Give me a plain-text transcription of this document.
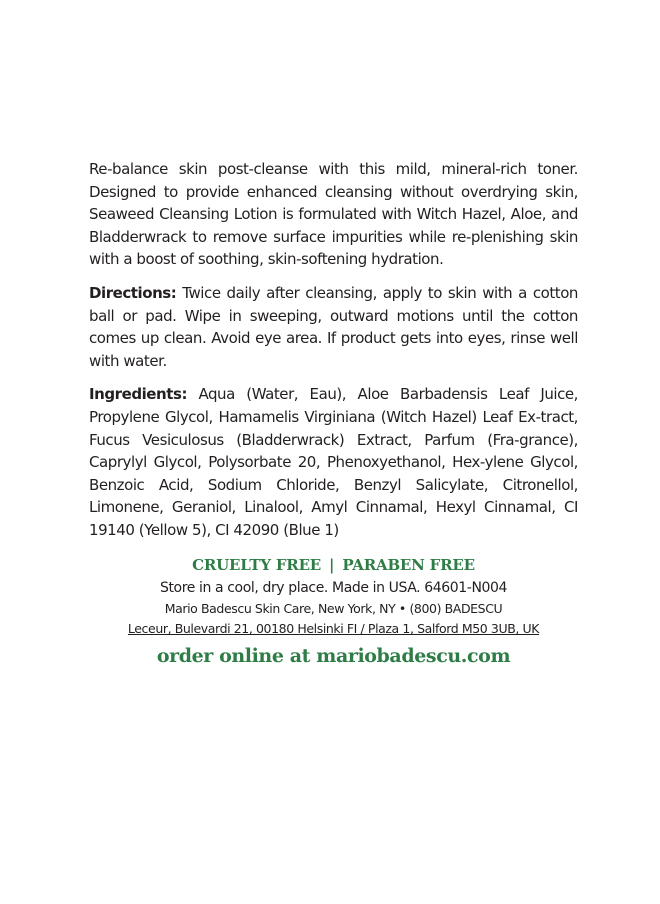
Re-balance skin post-cleanse with this mild, mineral-rich toner. Designed to provide enhanced cleansing without overdrying skin, Seaweed Cleansing Lotion is formulated with Witch Hazel, Aloe, and Bladderwrack to remove surface impurities while re-plenishing skin with a boost of soothing, skin-softening hydration.

Directions: Twice daily after cleansing, apply to skin with a cotton ball or pad. Wipe in sweeping, outward motions until the cotton comes up clean. Avoid eye area. If product gets into eyes, rinse well with water.

Ingredients: Aqua (Water, Eau), Aloe Barbadensis Leaf Juice, Propylene Glycol, Hamamelis Virginiana (Witch Hazel) Leaf Ex-tract, Fucus Vesiculosus (Bladderwrack) Extract, Parfum (Fra-grance), Caprylyl Glycol, Polysorbate 20, Phenoxyethanol, Hex-ylene Glycol, Benzoic Acid, Sodium Chloride, Benzyl Salicylate, Citronellol, Limonene, Geraniol, Linalool, Amyl Cinnamal, Hexyl Cinnamal, CI 19140 (Yellow 5), CI 42090 (Blue 1)

CRUELTY FREE | PARABEN FREE
Store in a cool, dry place. Made in USA. 64601-N004
Mario Badescu Skin Care, New York, NY • (800) BADESCU
Leceur, Bulevardi 21, 00180 Helsinki FI / Plaza 1, Salford M50 3UB, UK
order online at mariobadescu.com
